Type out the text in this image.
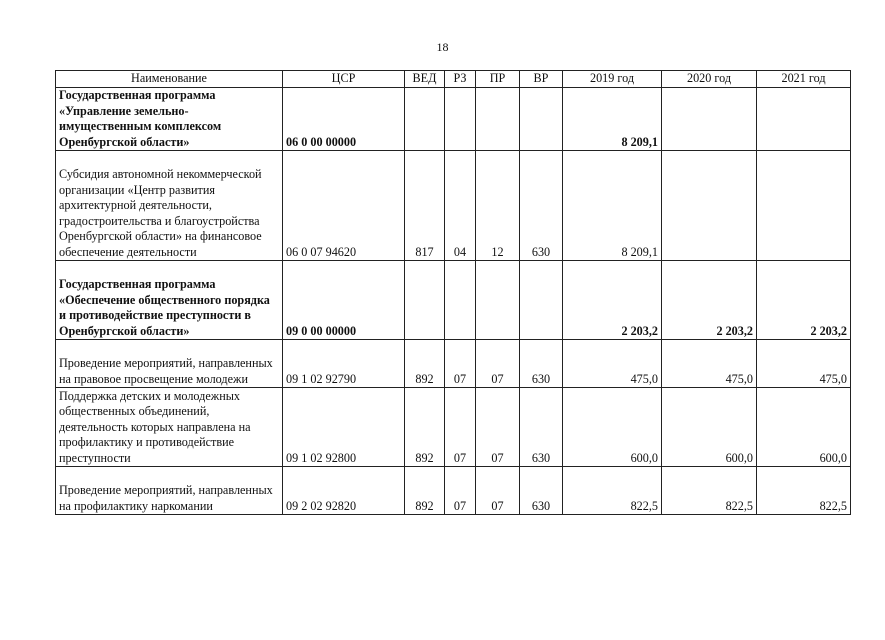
18
Наименование	ЦСР	ВЕД	РЗ	ПР	ВР	2019 год	2020 год	2021 год
Государственная программа «Управление земельно-имущественным комплексом Оренбургской области»	06 0 00 00000					8 209,1		
Субсидия автономной некоммерческой организации «Центр развития архитектурной деятельности, градостроительства и благоустройства Оренбургской области» на финансовое обеспечение деятельности	06 0 07 94620	817	04	12	630	8 209,1		
Государственная программа «Обеспечение общественного порядка и противодействие преступности в Оренбургской области»	09 0 00 00000					2 203,2	2 203,2	2 203,2
Проведение мероприятий, направленных на правовое просвещение молодежи	09 1 02 92790	892	07	07	630	475,0	475,0	475,0
Поддержка детских и молодежных общественных объединений, деятельность которых направлена на профилактику и противодействие преступности	09 1 02 92800	892	07	07	630	600,0	600,0	600,0
Проведение мероприятий, направленных на профилактику наркомании	09 2 02 92820	892	07	07	630	822,5	822,5	822,5
